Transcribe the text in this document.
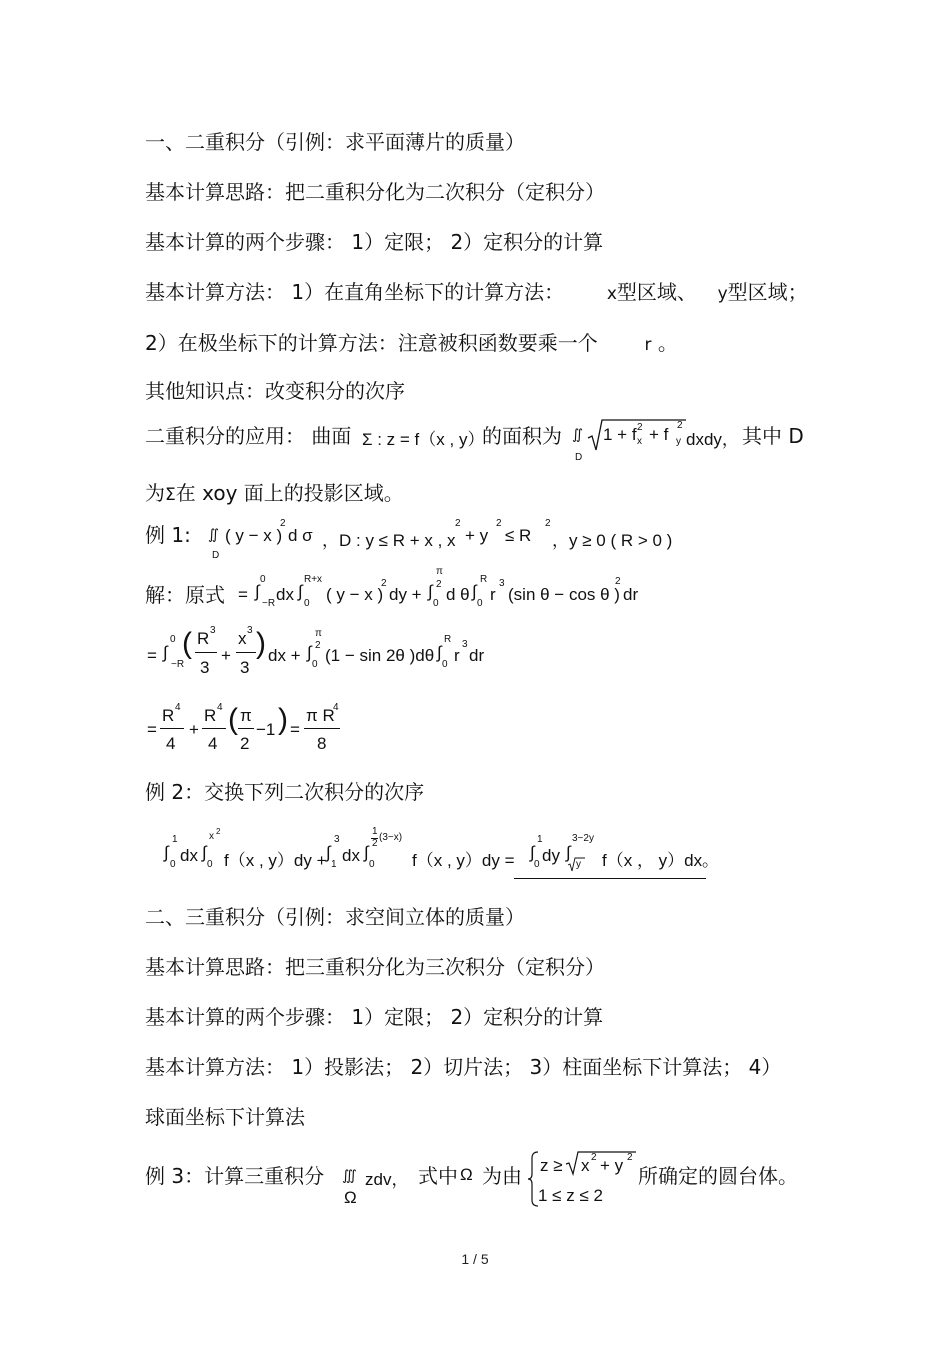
一、二重积分（引例：求平面薄片的质量）
基本计算思路：把二重积分化为二次积分（定积分）
基本计算的两个步骤： 1）定限； 2）定积分的计算
基本计算方法： 1）在直角坐标下的计算方法：	x型区域、 y型区域；
2）在极坐标下的计算方法：注意被积函数要乘一个	r 。
其他知识点：改变积分的次序
二重积分的应用： 曲面 Σ : z = f（x , y）
的面积为 ∬
D
1 + f 2
x + f 2
y dxdy， 其中 D
为Σ在 xoy 面上的投影区域。
例 1: ∬
D
( y − x )
2
d σ ，D : y ≤ R + x , x
2
+ y
2
≤ R
2
，y ≥ 0 ( R > 0 )
解：原式 = ∫
0
−R dx ∫
R+x
0 ( y − x )
2
dy + ∫
π
2
0 d θ ∫
R
0 r
3
(sin θ − cos θ )
2
dr
= ∫
0
−R
( R 3
3
+
x 3
3
) dx + ∫
π
2
0 (1 − sin 2θ )dθ ∫
R
0 r
3
dr
=
R 4
4
+
R 4
4
( π
2
−1 ) =
π R
4
8
例 2：交换下列二次积分的次序
∫
1
0 dx ∫
x 2
0 f（x , y）dy + ∫
3
1 dx ∫
1
2
(3−x)
0 f（x , y）dy = ∫
1
0 dy ∫
3−2y
y f（x ， y）dx 。
二、三重积分（引例：求空间立体的质量）
基本计算思路：把三重积分化为三次积分（定积分）
基本计算的两个步骤： 1）定限； 2）定积分的计算
基本计算方法： 1）投影法； 2）切片法； 3）柱面坐标下计算法； 4）
球面坐标下计算法
例 3：计算三重积分 ∭ zdv，
Ω
式中 Ω 为由 z ≥ x 2 + y 2
1 ≤ z ≤ 2
所确定的圆台体。
1 / 5
